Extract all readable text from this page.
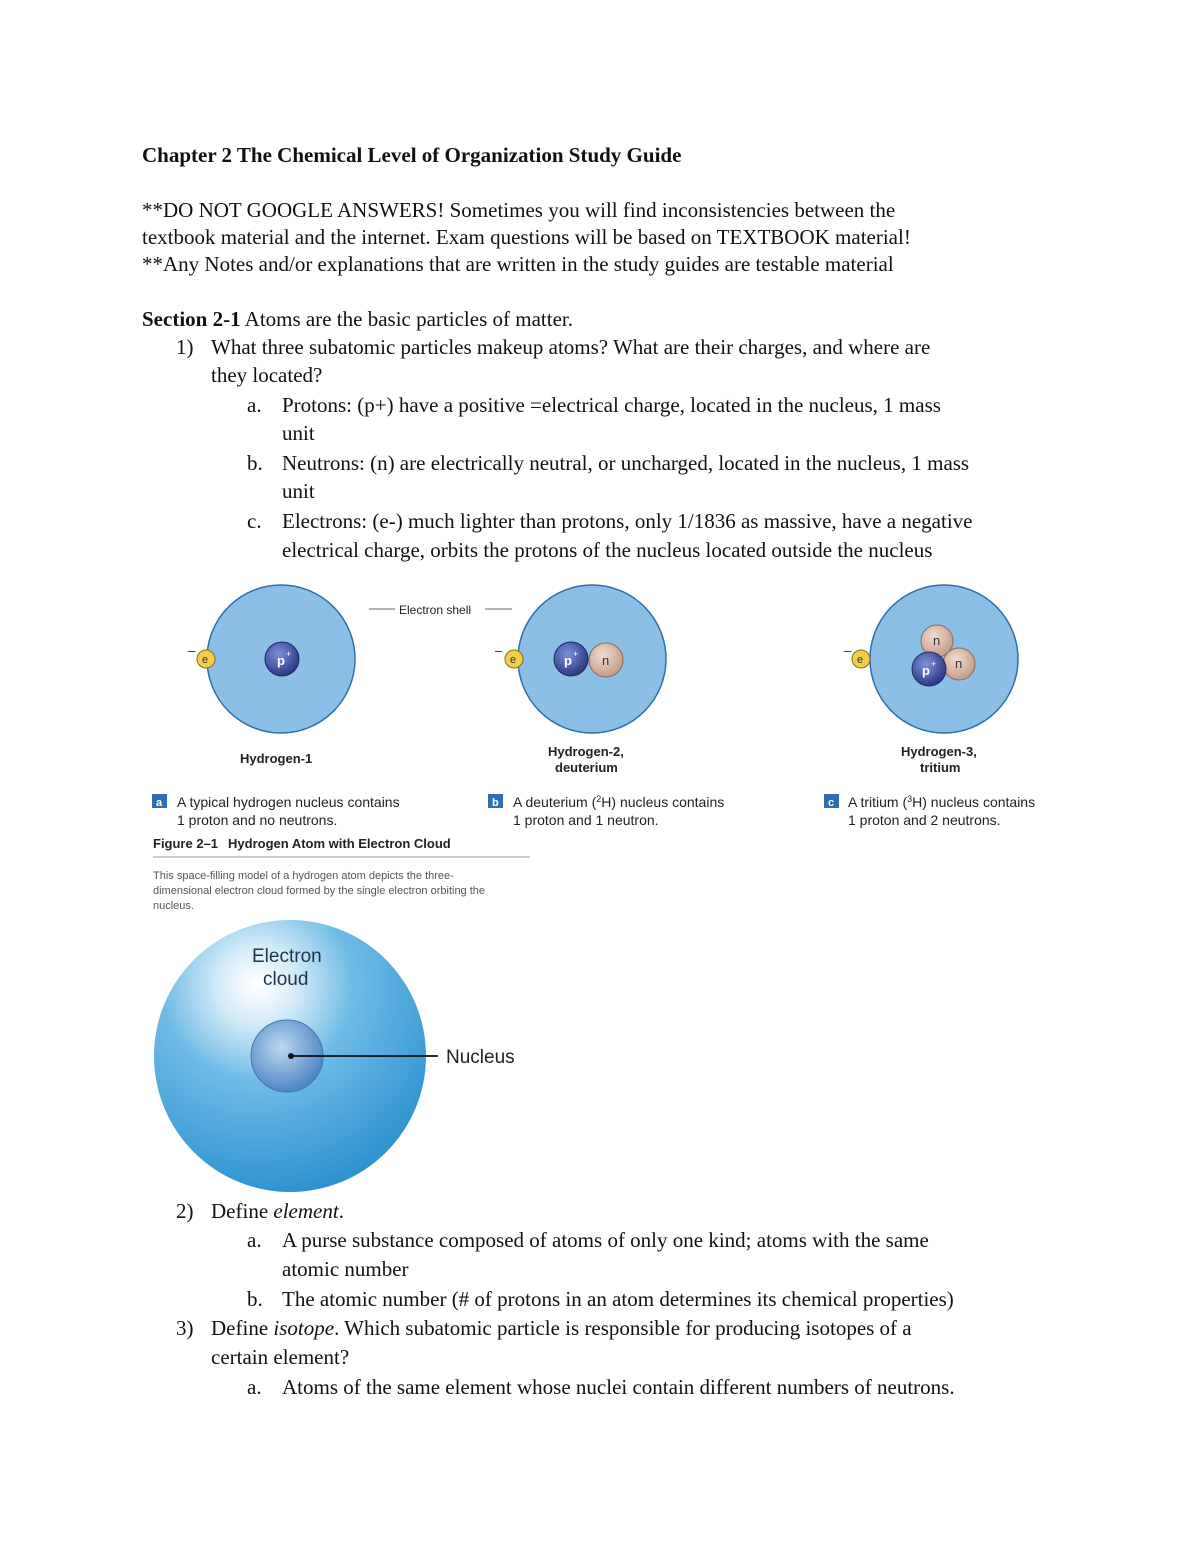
Chapter 2 The Chemical Level of Organization Study Guide
**DO NOT GOOGLE ANSWERS! Sometimes you will find inconsistencies between the
textbook material and the internet. Exam questions will be based on TEXTBOOK material!
**Any Notes and/or explanations that are written in the study guides are testable material
Section 2-1 Atoms are the basic particles of matter.
1) What three subatomic particles makeup atoms? What are their charges, and where are
they located?
a. Protons: (p+) have a positive =electrical charge, located in the nucleus, 1 mass
unit
b. Neutrons: (n) are electrically neutral, or uncharged, located in the nucleus, 1 mass
unit
c. Electrons: (e-) much lighter than protons, only 1/1836 as massive, have a negative
electrical charge, orbits the protons of the nucleus located outside the nucleus
p +
e
–
Hydrogen-1
Electron shell
p + n
e
–
Hydrogen-2,
deuterium
n
n
p +
e
–
Hydrogen-3,
tritium
a A typical hydrogen nucleus contains
1 proton and no neutrons.
b A deuterium ($^2$H) nucleus contains
1 proton and 1 neutron.
c A tritium ($^3$H) nucleus contains
1 proton and 2 neutrons.
Figure 2–1 Hydrogen Atom with Electron Cloud
This space-filling model of a hydrogen atom depicts the three-
dimensional electron cloud formed by the single electron orbiting the
nucleus.
Electron
cloud
Nucleus
2) Define element.
a. A purse substance composed of atoms of only one kind; atoms with the same
atomic number
b. The atomic number (# of protons in an atom determines its chemical properties)
3) Define isotope. Which subatomic particle is responsible for producing isotopes of a
certain element?
a. Atoms of the same element whose nuclei contain different numbers of neutrons.
